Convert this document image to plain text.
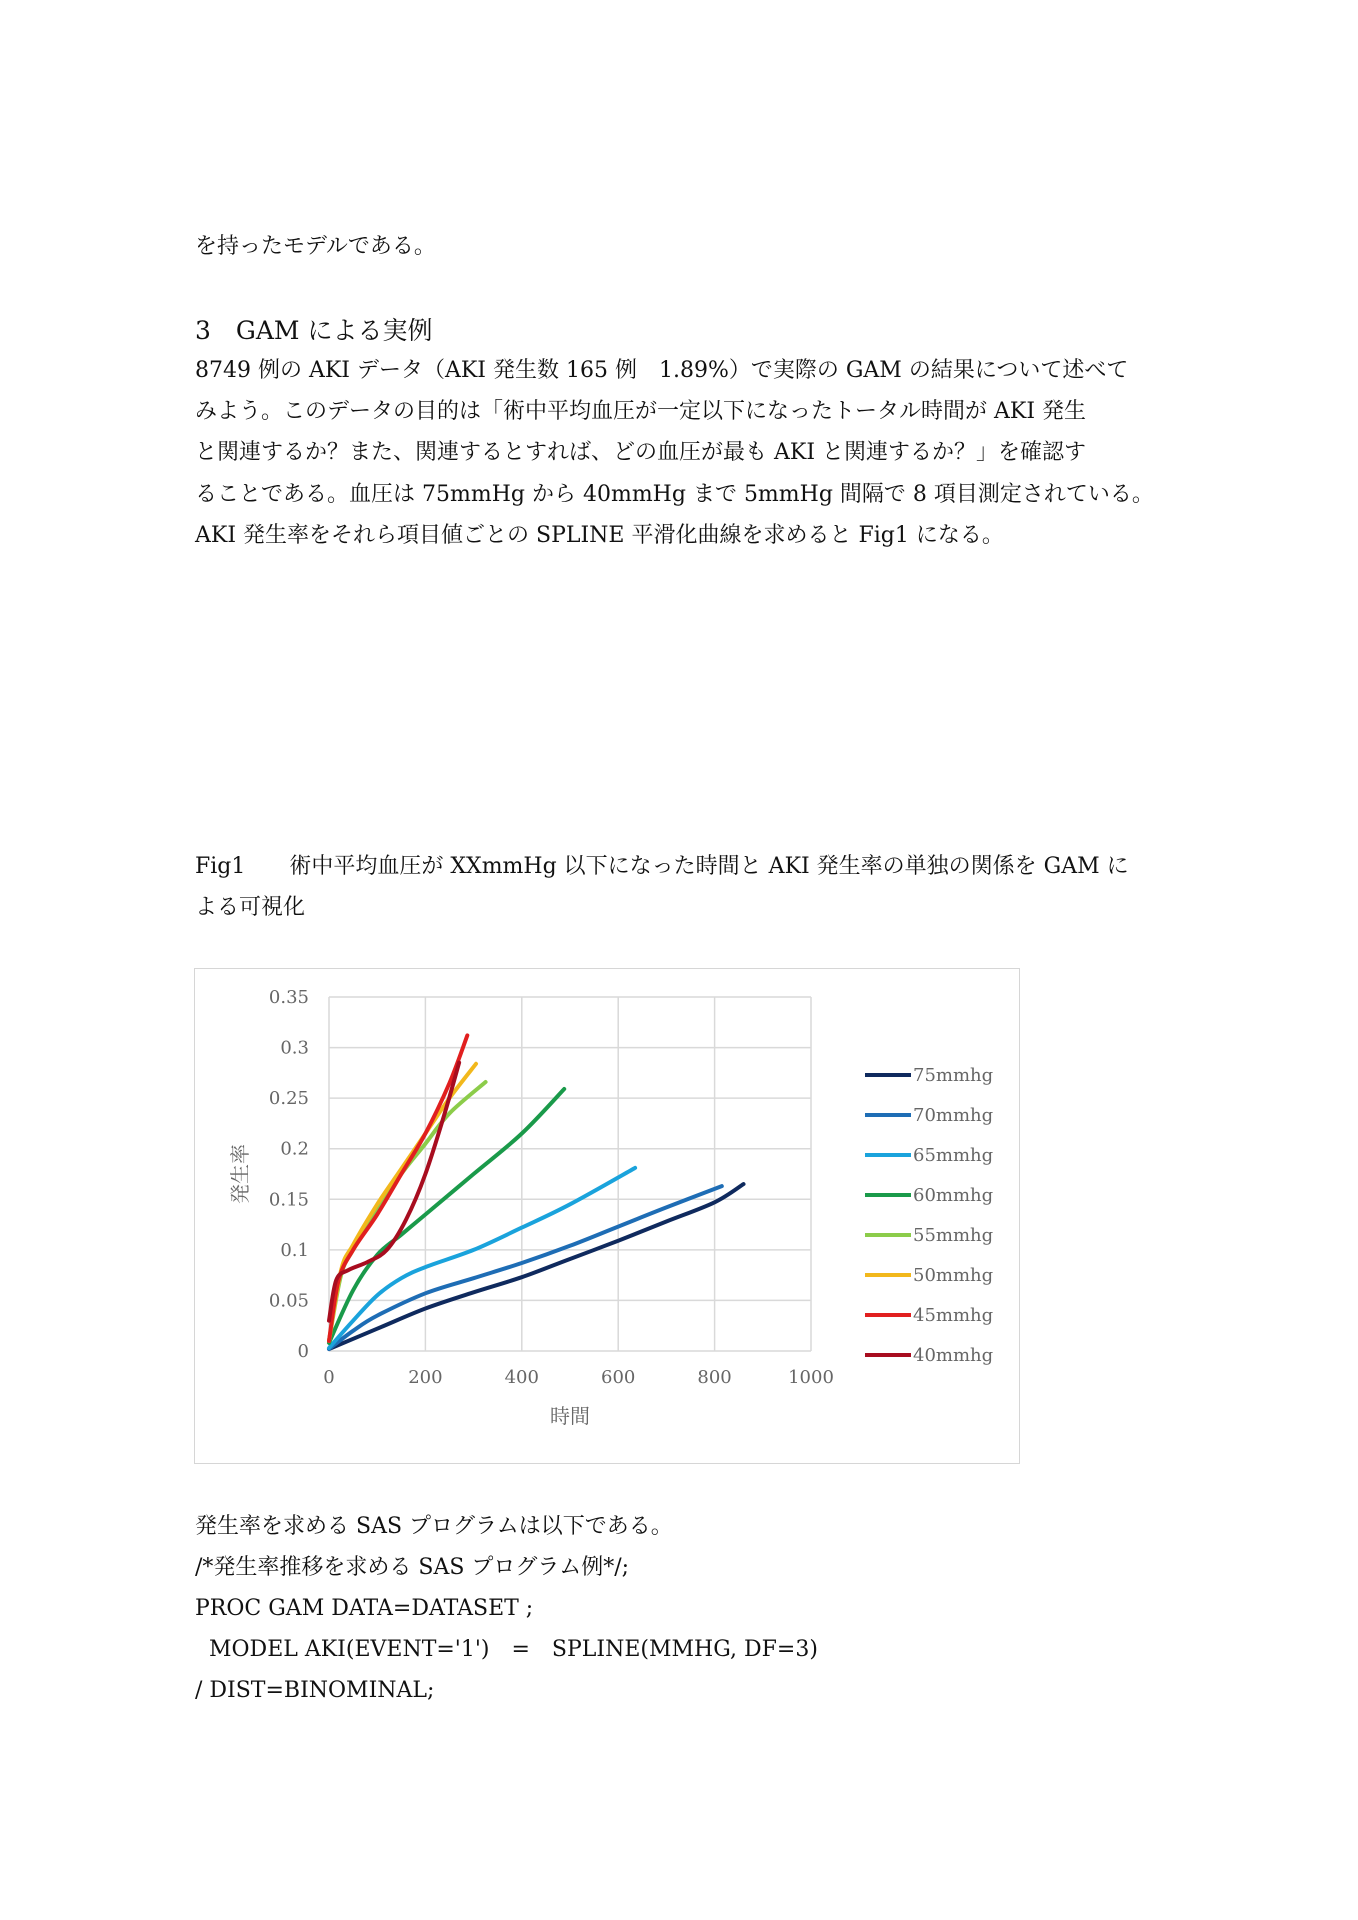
を持ったモデルである。
3　GAM による実例
8749 例の AKI データ（AKI 発生数 165 例　1.89%）で実際の GAM の結果について述べて
みよう。このデータの目的は「術中平均血圧が一定以下になったトータル時間が AKI 発生
と関連するか？また、関連するとすれば、どの血圧が最も AKI と関連するか？」を確認す
ることである。血圧は 75mmHg から 40mmHg まで 5mmHg 間隔で 8 項目測定されている。
AKI 発生率をそれら項目値ごとの SPLINE 平滑化曲線を求めると Fig1 になる。
Fig1　　術中平均血圧が XXmmHg 以下になった時間と AKI 発生率の単独の関係を GAM に
よる可視化
0
0.05
0.1
0.15
0.2
0.25
0.3
0.35
0	200	400	600	800	1000
時間
発生率
75mmhg
70mmhg
65mmhg
60mmhg
55mmhg
50mmhg
45mmhg
40mmhg
発生率を求める SAS プログラムは以下である。
/*発生率推移を求める SAS プログラム例*/;
PROC GAM DATA=DATASET ;
MODEL AKI(EVENT='1')　=　SPLINE(MMHG, DF=3)
/ DIST=BINOMINAL;
